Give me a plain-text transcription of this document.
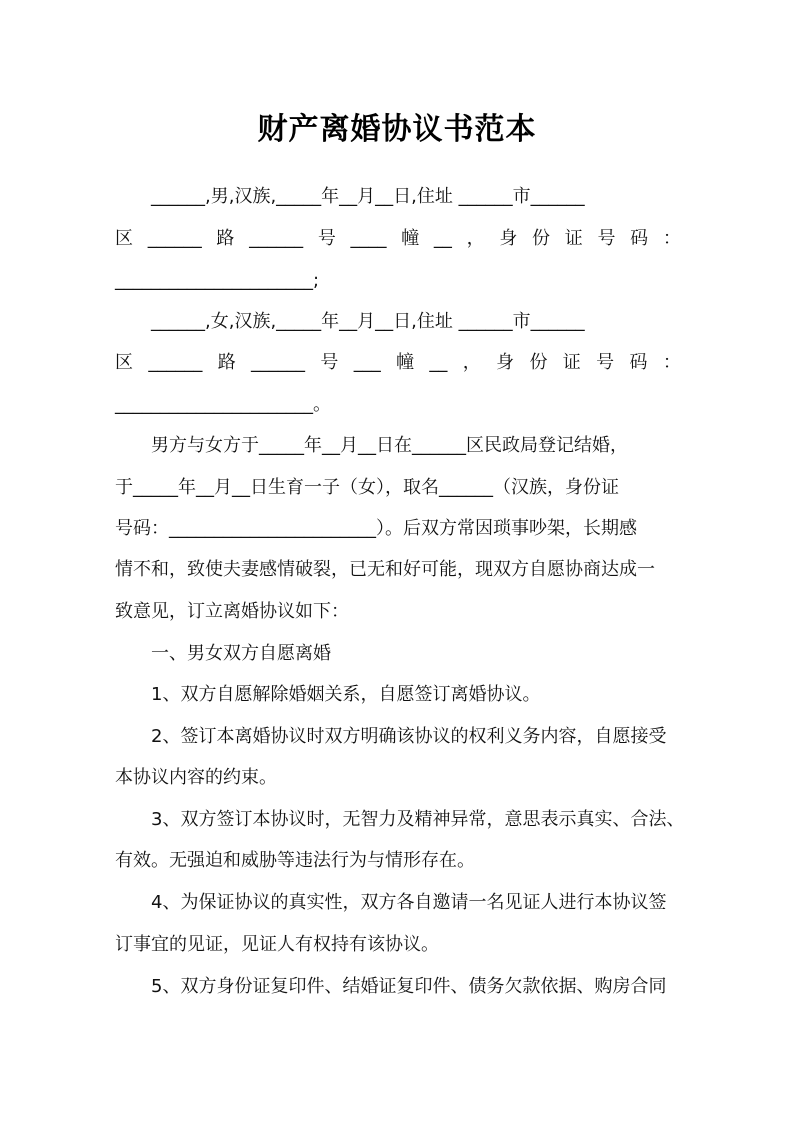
财产离婚协议书范本
______,男,汉族,_____年__月__日,住址 ______市______
区 ______ 路 ______ 号 ____ 幢 __ ， 身 份 证 号 码 ：
______________________;
______,女,汉族,_____年__月__日,住址 ______市______
区 ______ 路 ______ 号 ___ 幢 __ ， 身 份 证 号 码 ：
______________________。
男方与女方于_____年__月__日在______区民政局登记结婚，
于_____年__月__日生育一子（女），取名______（汉族，身份证
号码：_______________________）。后双方常因琐事吵架，长期感
情不和，致使夫妻感情破裂，已无和好可能，现双方自愿协商达成一
致意见，订立离婚协议如下：
一、男女双方自愿离婚
1、双方自愿解除婚姻关系，自愿签订离婚协议。
2、签订本离婚协议时双方明确该协议的权利义务内容，自愿接受
本协议内容的约束。
3、双方签订本协议时，无智力及精神异常，意思表示真实、合法、
有效。无强迫和威胁等违法行为与情形存在。
4、为保证协议的真实性，双方各自邀请一名见证人进行本协议签
订事宜的见证，见证人有权持有该协议。
5、双方身份证复印件、结婚证复印件、债务欠款依据、购房合同
